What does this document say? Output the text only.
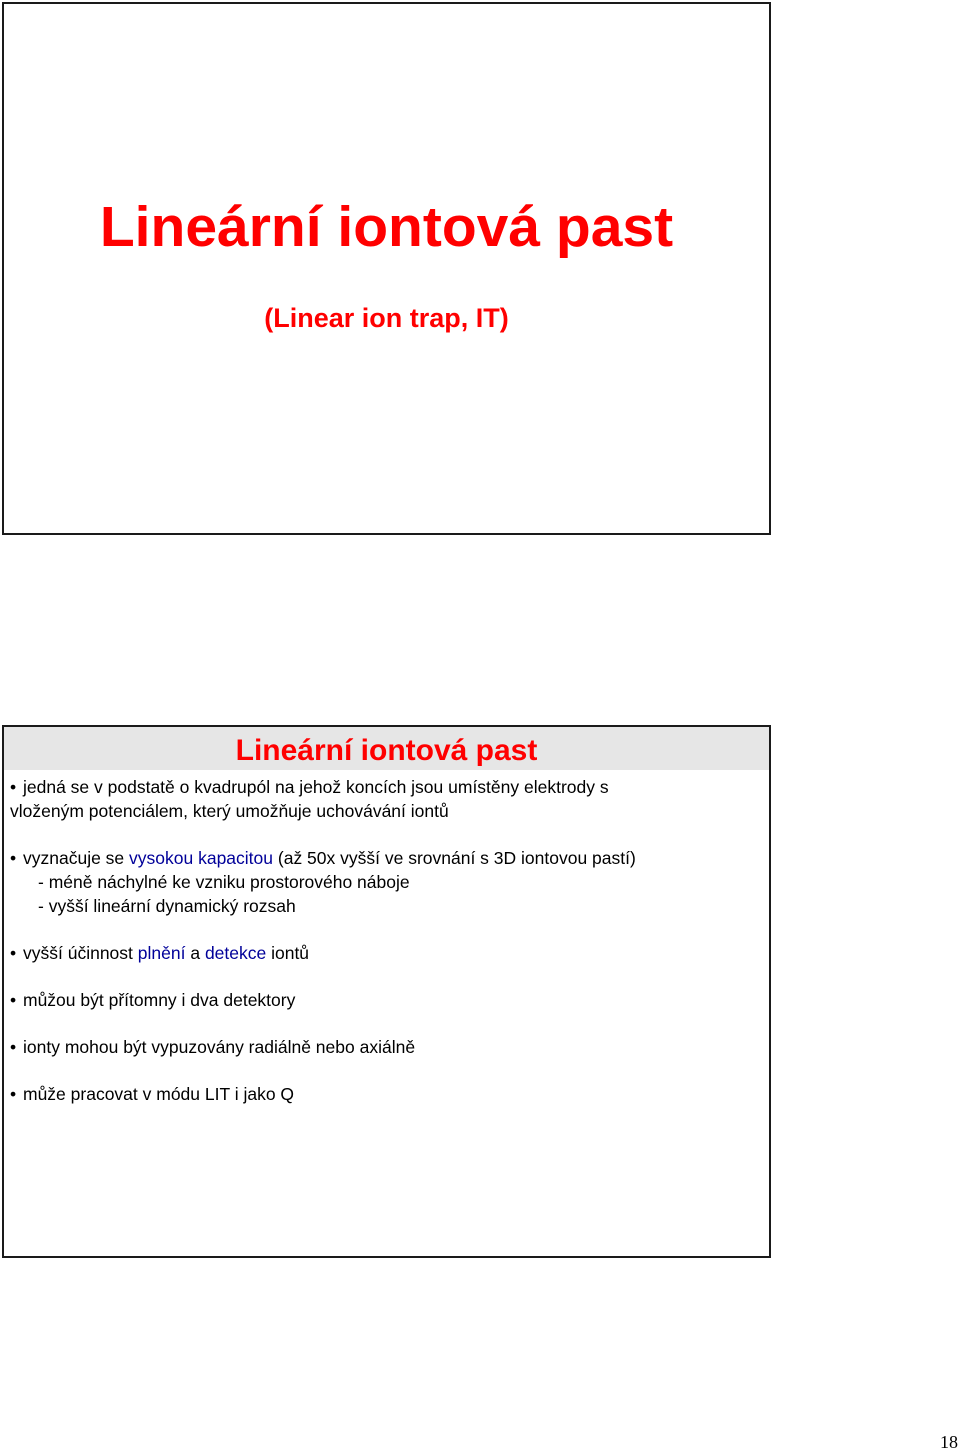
Lineární iontová past
(Linear ion trap, IT)
Lineární iontová past
• jedná se v podstatě o kvadrupól na jehož koncích jsou umístěny elektrody s
vloženým potenciálem, který umožňuje uchovávání iontů
• vyznačuje se vysokou kapacitou (až 50x vyšší ve srovnání s 3D iontovou pastí)
- méně náchylné ke vzniku prostorového náboje
- vyšší lineární dynamický rozsah
• vyšší účinnost plnění a detekce iontů
• můžou být přítomny i dva detektory
• ionty mohou být vypuzovány radiálně nebo axiálně
• může pracovat v módu LIT i jako Q
18
